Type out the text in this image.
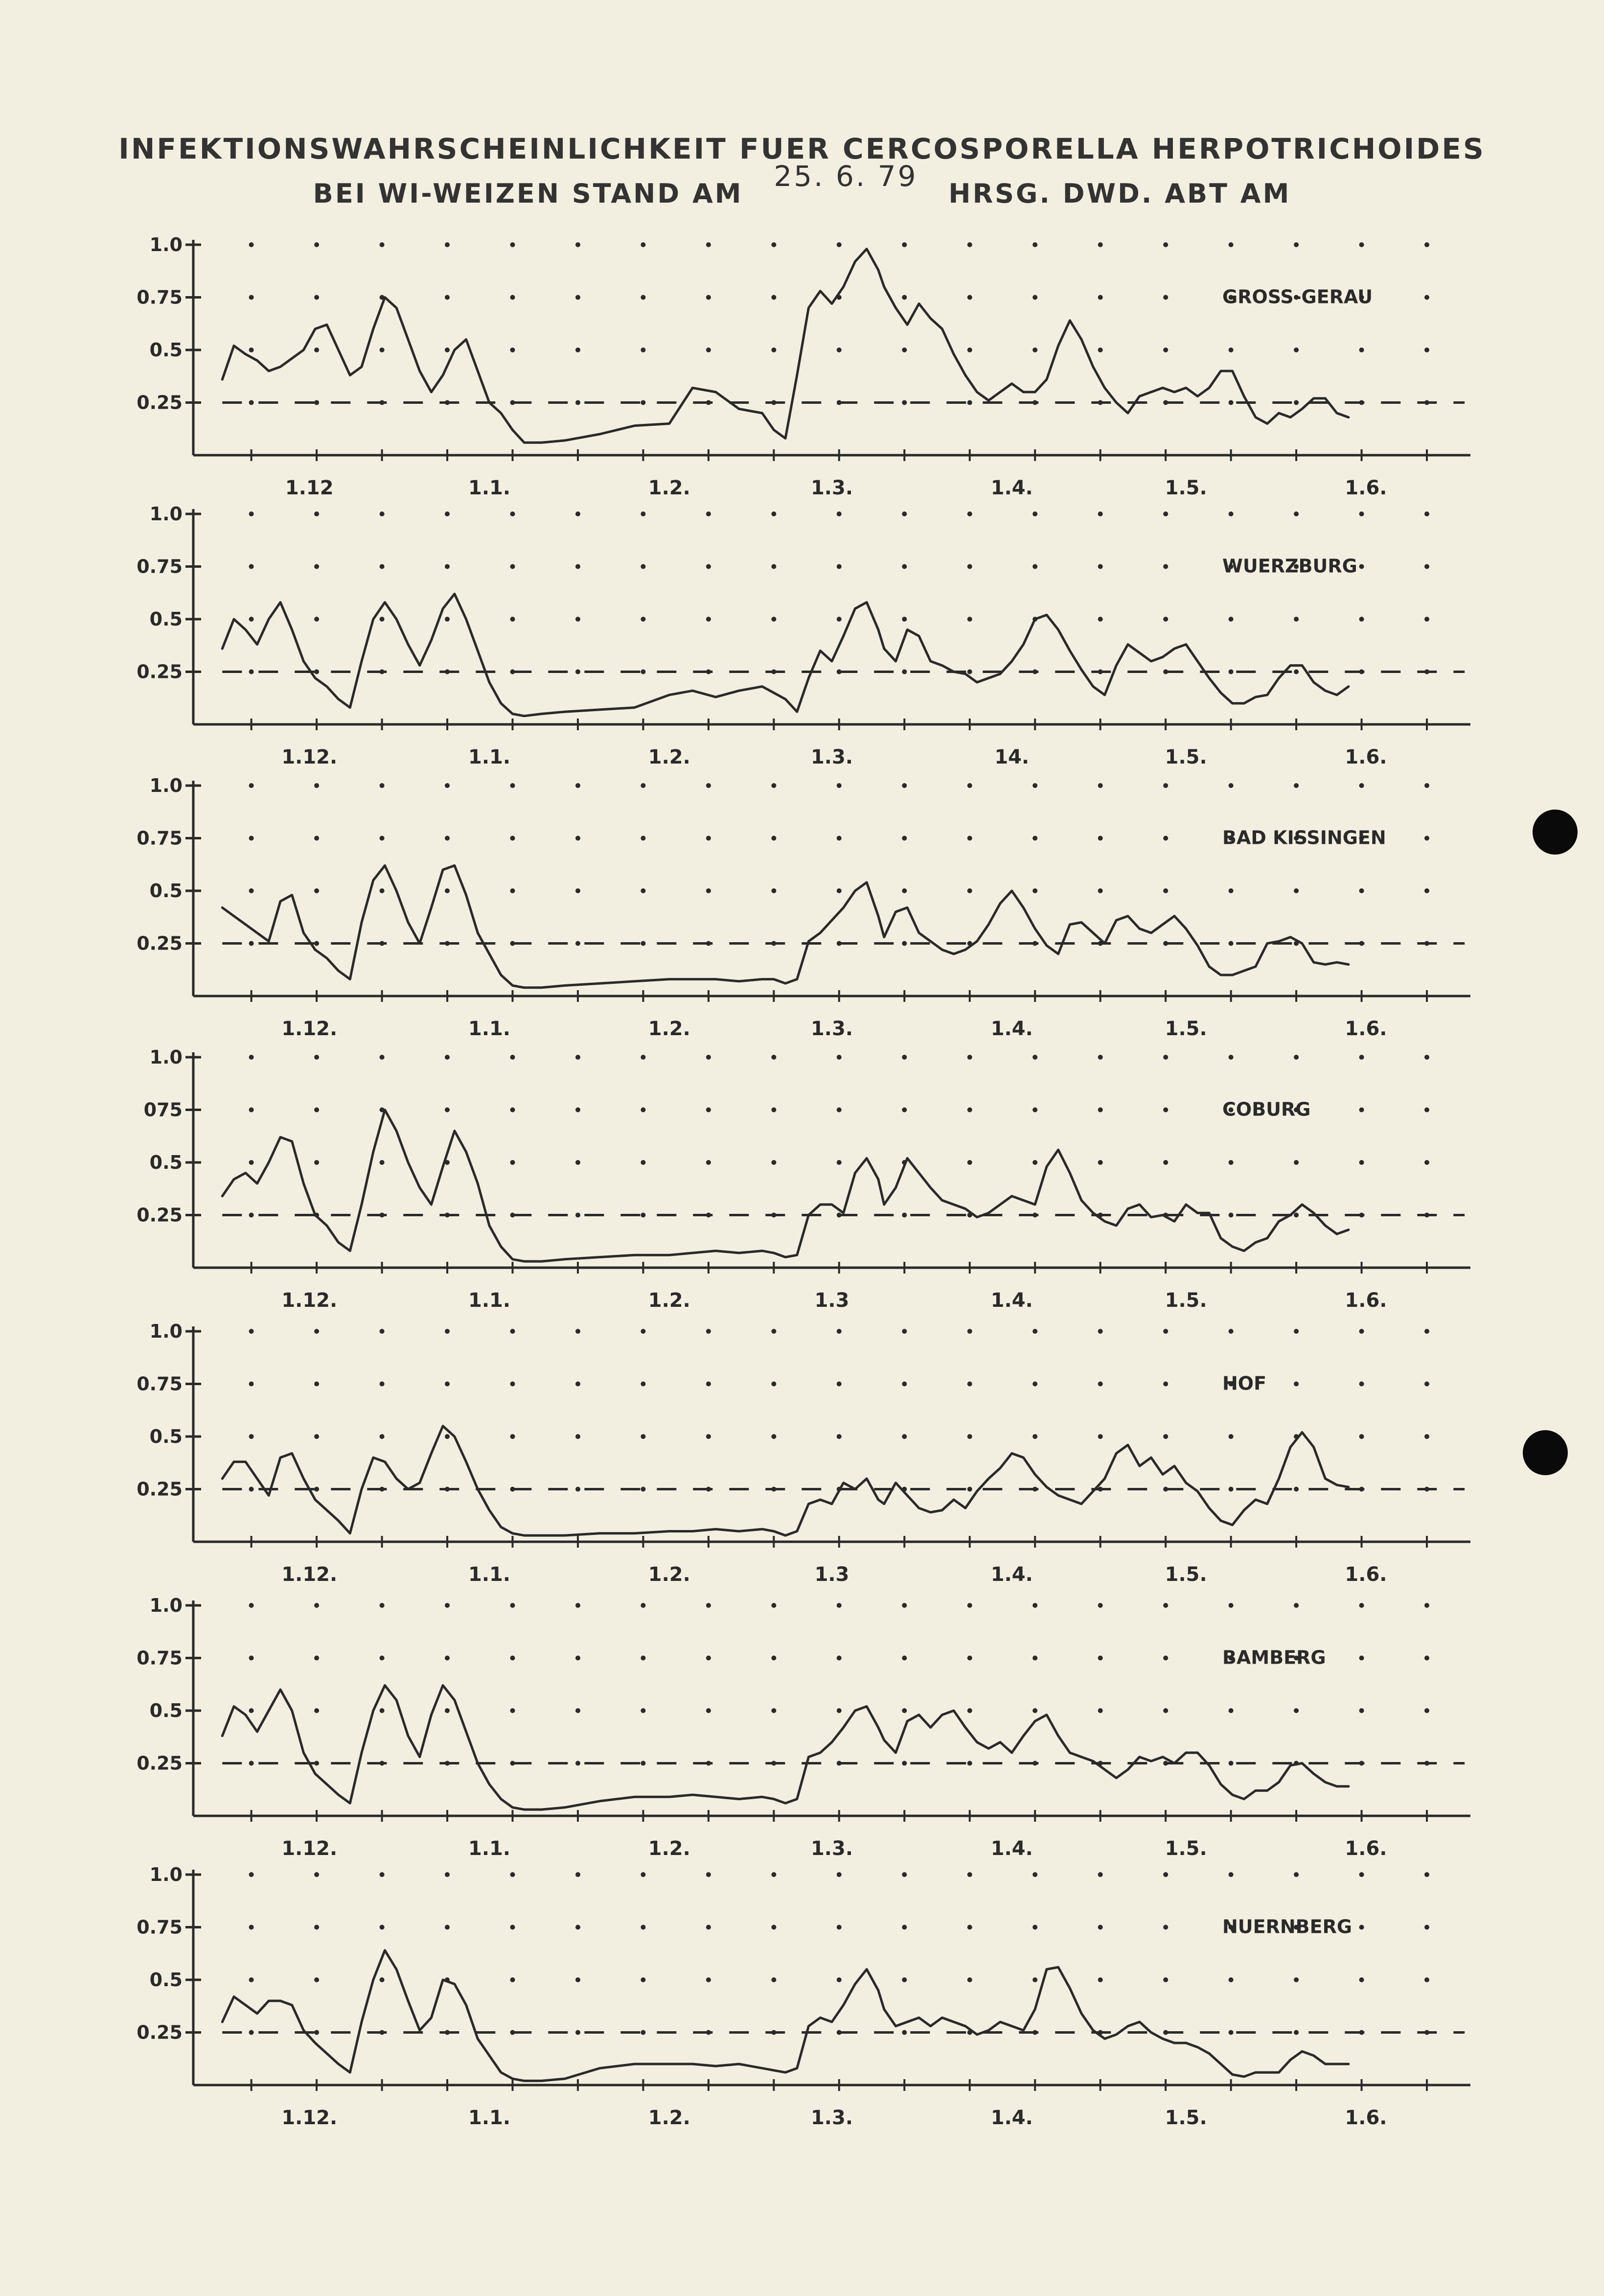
INFEKTIONSWAHRSCHEINLICHKEIT FUER CERCOSPORELLA HERPOTRICHOIDES
BEI WI-WEIZEN STAND AM 25. 6. 79 HRSG. DWD. ABT AM
1.0
0.75
0.5
0.25
1.12	1.1.	1.2.	1.3.	1.4.	1.5.	1.6.
GROSS-GERAU
1.0
0.75
0.5
0.25
1.12.	1.1.	1.2.	1.3.	14.	1.5.	1.6.
WUERZBURG
1.0
0.75
0.5
0.25
1.12.	1.1.	1.2.	1.3.	1.4.	1.5.	1.6.
BAD KISSINGEN
1.0
075
0.5
0.25
1.12.	1.1.	1.2.	1.3	1.4.	1.5.	1.6.
COBURG
1.0
0.75
0.5
0.25
1.12.	1.1.	1.2.	1.3	1.4.	1.5.	1.6.
HOF
1.0
0.75
0.5
0.25
1.12.	1.1.	1.2.	1.3.	1.4.	1.5.	1.6.
BAMBERG
1.0
0.75
0.5
0.25
1.12.	1.1.	1.2.	1.3.	1.4.	1.5.	1.6.
NUERNBERG
